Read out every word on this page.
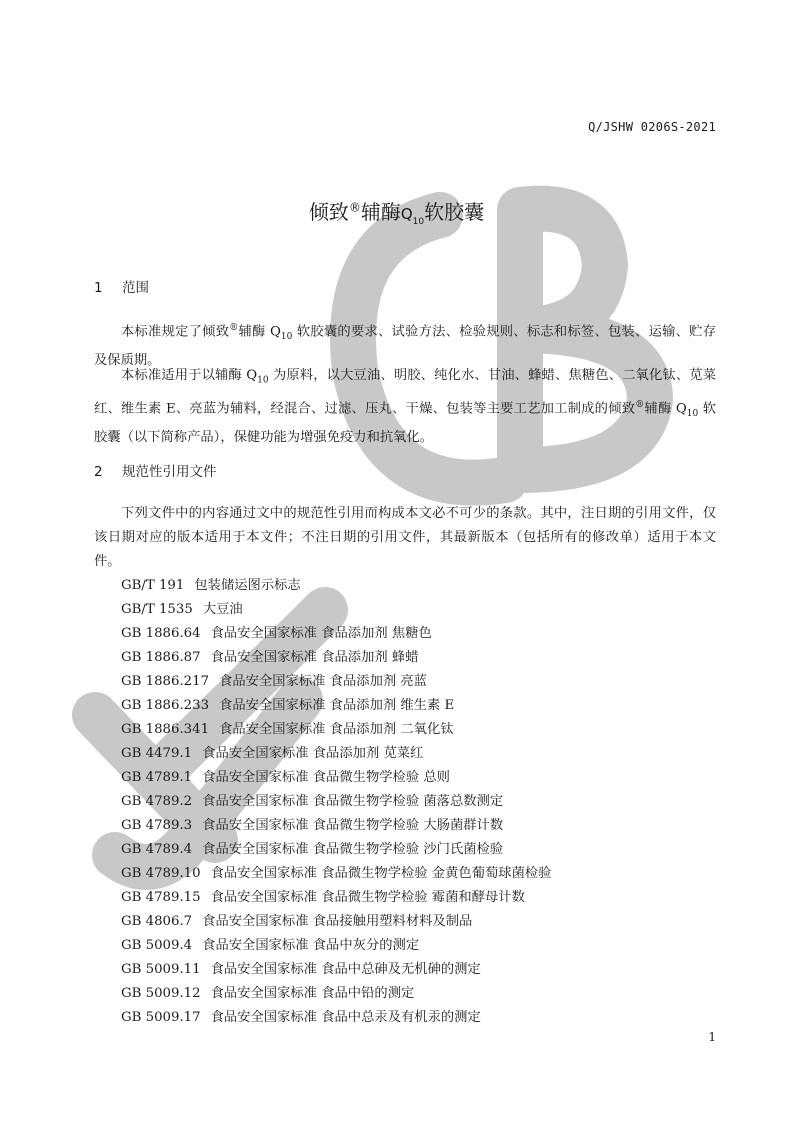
Q/JSHW 0206S-2021
倾致®辅酶$Q_{10}$软胶囊
1 范围

本标准规定了倾致®辅酶 $Q_{10}$ 软胶囊的要求、试验方法、检验规则、标志和标签、包装、运输、贮存及保质期。

本标准适用于以辅酶 $Q_{10}$ 为原料，以大豆油、明胶、纯化水、甘油、蜂蜡、焦糖色、二氧化钛、苋菜红、维生素 E、亮蓝为辅料，经混合、过滤、压丸、干燥、包装等主要工艺加工制成的倾致®辅酶 $Q_{10}$ 软胶囊（以下简称产品），保健功能为增强免疫力和抗氧化。

2 规范性引用文件

下列文件中的内容通过文中的规范性引用而构成本文必不可少的条款。其中，注日期的引用文件，仅该日期对应的版本适用于本文件；不注日期的引用文件，其最新版本（包括所有的修改单）适用于本文件。

GB/T 191 包装储运图示标志
GB/T 1535 大豆油
GB 1886.64 食品安全国家标准 食品添加剂 焦糖色
GB 1886.87 食品安全国家标准 食品添加剂 蜂蜡
GB 1886.217 食品安全国家标准 食品添加剂 亮蓝
GB 1886.233 食品安全国家标准 食品添加剂 维生素 E
GB 1886.341 食品安全国家标准 食品添加剂 二氧化钛
GB 4479.1 食品安全国家标准 食品添加剂 苋菜红
GB 4789.1 食品安全国家标准 食品微生物学检验 总则
GB 4789.2 食品安全国家标准 食品微生物学检验 菌落总数测定
GB 4789.3 食品安全国家标准 食品微生物学检验 大肠菌群计数
GB 4789.4 食品安全国家标准 食品微生物学检验 沙门氏菌检验
GB 4789.10 食品安全国家标准 食品微生物学检验 金黄色葡萄球菌检验
GB 4789.15 食品安全国家标准 食品微生物学检验 霉菌和酵母计数
GB 4806.7 食品安全国家标准 食品接触用塑料材料及制品
GB 5009.4 食品安全国家标准 食品中灰分的测定
GB 5009.11 食品安全国家标准 食品中总砷及无机砷的测定
GB 5009.12 食品安全国家标准 食品中铅的测定
GB 5009.17 食品安全国家标准 食品中总汞及有机汞的测定
1
